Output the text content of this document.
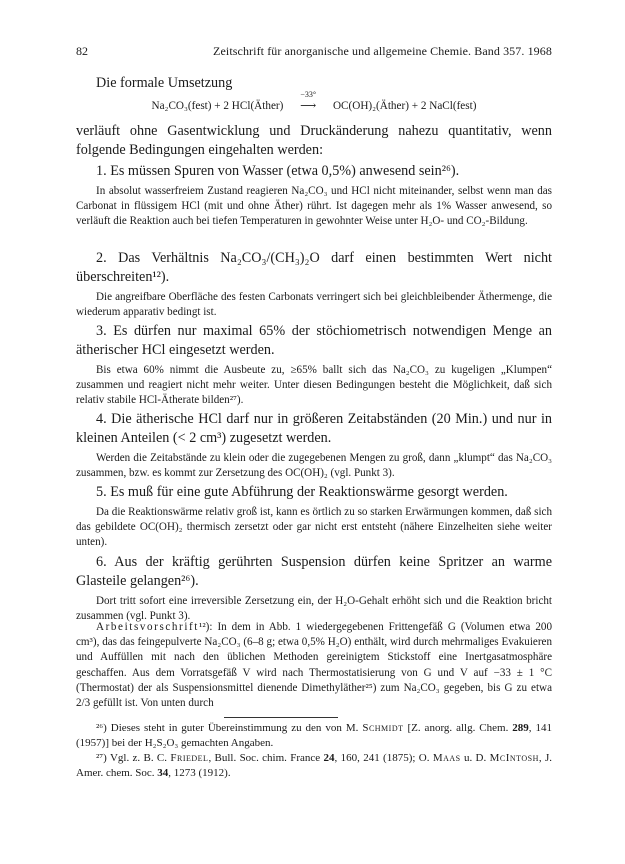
82	Zeitschrift für anorganische und allgemeine Chemie. Band 357. 1968

Die formale Umsetzung

Na₂CO₃(fest) + 2 HCl(Äther)
−33°
⟶ OC(OH)₂(Äther) + 2 NaCl(fest)

verläuft ohne Gasentwicklung und Druckänderung nahezu quantitativ, wenn folgende Bedingungen eingehalten werden:

1. Es müssen Spuren von Wasser (etwa 0,5%) anwesend sein²⁶).

In absolut wasserfreiem Zustand reagieren Na₂CO₃ und HCl nicht miteinander, selbst wenn man das Carbonat in flüssigem HCl (mit und ohne Äther) rührt. Ist dagegen mehr als 1% Wasser anwesend, so verläuft die Reaktion auch bei tiefen Temperaturen in gewohnter Weise unter H₂O- und CO₂-Bildung.

2. Das Verhältnis Na₂CO₃/(CH₃)₂O darf einen bestimmten Wert nicht überschreiten¹²).

Die angreifbare Oberfläche des festen Carbonats verringert sich bei gleichbleibender Äthermenge, die wiederum apparativ bedingt ist.

3. Es dürfen nur maximal 65% der stöchiometrisch notwendigen Menge an ätherischer HCl eingesetzt werden.

Bis etwa 60% nimmt die Ausbeute zu, ≥65% ballt sich das Na₂CO₃ zu kugeligen „Klumpen“ zusammen und reagiert nicht mehr weiter. Unter diesen Bedingungen besteht die Möglichkeit, daß sich relativ stabile HCl-Ätherate bilden²⁷).

4. Die ätherische HCl darf nur in größeren Zeitabständen (20 Min.) und nur in kleinen Anteilen (< 2 cm³) zugesetzt werden.

Werden die Zeitabstände zu klein oder die zugegebenen Mengen zu groß, dann „klumpt“ das Na₂CO₃ zusammen, bzw. es kommt zur Zersetzung des OC(OH)₂ (vgl. Punkt 3).

5. Es muß für eine gute Abführung der Reaktionswärme gesorgt werden.

Da die Reaktionswärme relativ groß ist, kann es örtlich zu so starken Erwärmungen kommen, daß sich das gebildete OC(OH)₂ thermisch zersetzt oder gar nicht erst entsteht (nähere Einzelheiten siehe weiter unten).

6. Aus der kräftig gerührten Suspension dürfen keine Spritzer an warme Glasteile gelangen²⁶).

Dort tritt sofort eine irreversible Zersetzung ein, der H₂O-Gehalt erhöht sich und die Reaktion bricht zusammen (vgl. Punkt 3).

Arbeitsvorschrift¹²): In dem in Abb. 1 wiedergegebenen Frittengefäß G (Volumen etwa 200 cm³), das das feingepulverte Na₂CO₃ (6–8 g; etwa 0,5% H₂O) enthält, wird durch mehrmaliges Evakuieren und Auffüllen mit nach den üblichen Methoden gereinigtem Stickstoff eine Inertgasatmosphäre geschaffen. Aus dem Vorratsgefäß V wird nach Thermostatisierung von G und V auf −33 ± 1 °C (Thermostat) der als Suspensionsmittel dienende Dimethyläther²⁵) zum Na₂CO₃ gegeben, bis G zu etwa 2/3 gefüllt ist. Von unten durch

²⁶) Dieses steht in guter Übereinstimmung zu den von M. Schmidt [Z. anorg. allg. Chem. 289, 141 (1957)] bei der H₂S₂O₃ gemachten Angaben.

²⁷) Vgl. z. B. C. Friedel, Bull. Soc. chim. France 24, 160, 241 (1875); O. Maas u. D. McIntosh, J. Amer. chem. Soc. 34, 1273 (1912).
